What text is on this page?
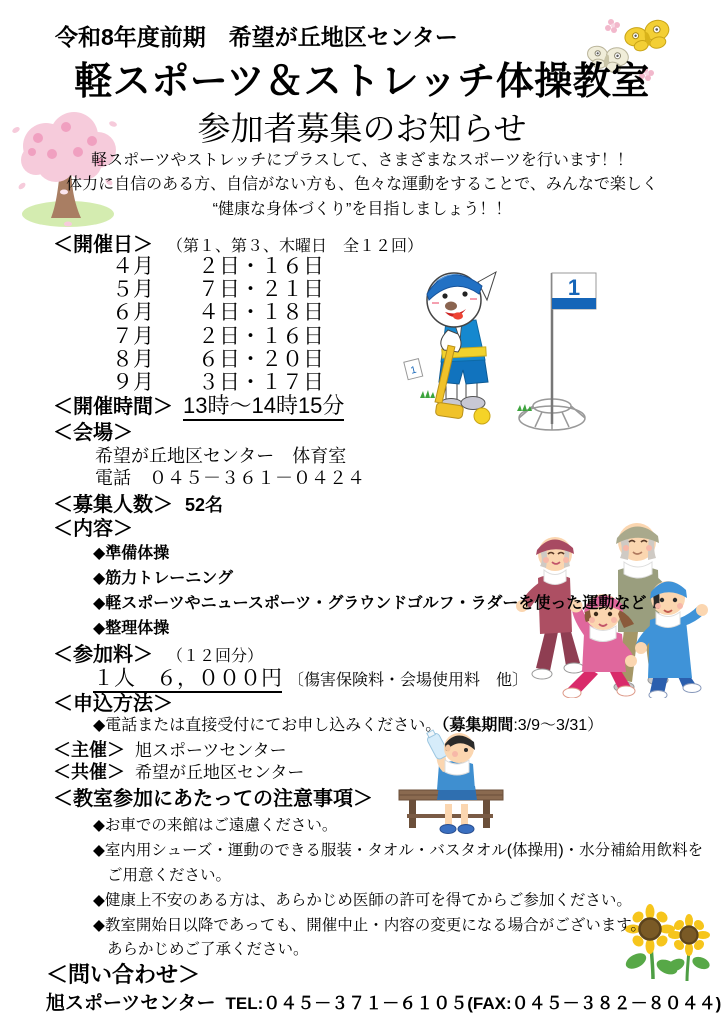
令和8年度前期　希望が丘地区センター
軽スポーツ＆ストレッチ体操教室
参加者募集のお知らせ
軽スポーツやストレッチにプラスして、さまざまなスポーツを行います！！
体力に自信のある方、自信がない方も、色々な運動をすることで、みんなで楽しく
“健康な身体づくり”を目指しましょう！！
＜開催日＞ （第１、第３、木曜日　全１２回）
４月 ２日・１６日
５月 ７日・２１日
６月 ４日・１８日
７月 ２日・１６日
８月 ６日・２０日
９月 ３日・１７日
＜開催時間＞ 13時～14時15分
＜会場＞
希望が丘地区センター　体育室
電話　０４５－３６１－０４２４
＜募集人数＞ 52名
＜内容＞
◆準備体操
◆筋力トレーニング
◆軽スポーツやニュースポーツ・グラウンドゴルフ・ラダーを使った運動など
◆整理体操
＜参加料＞ （１２回分）
１人　６，０００円 〔傷害保険料・会場使用料　他〕
＜申込方法＞
◆電話または直接受付にてお申し込みください。（募集期間:3/9～3/31）
＜主催＞ 旭スポーツセンター
＜共催＞ 希望が丘地区センター
＜教室参加にあたっての注意事項＞
◆お車での来館はご遠慮ください。
◆室内用シューズ・運動のできる服装・タオル・バスタオル(体操用)・水分補給用飲料を
ご用意ください。
◆健康上不安のある方は、あらかじめ医師の許可を得てからご参加ください。
◆教室開始日以降であっても、開催中止・内容の変更になる場合がございます。
あらかじめご了承ください。
＜問い合わせ＞
旭スポーツセンター TEL:０４５－３７１－６１０５(FAX:０４５－３８２－８０４４)
1
1
